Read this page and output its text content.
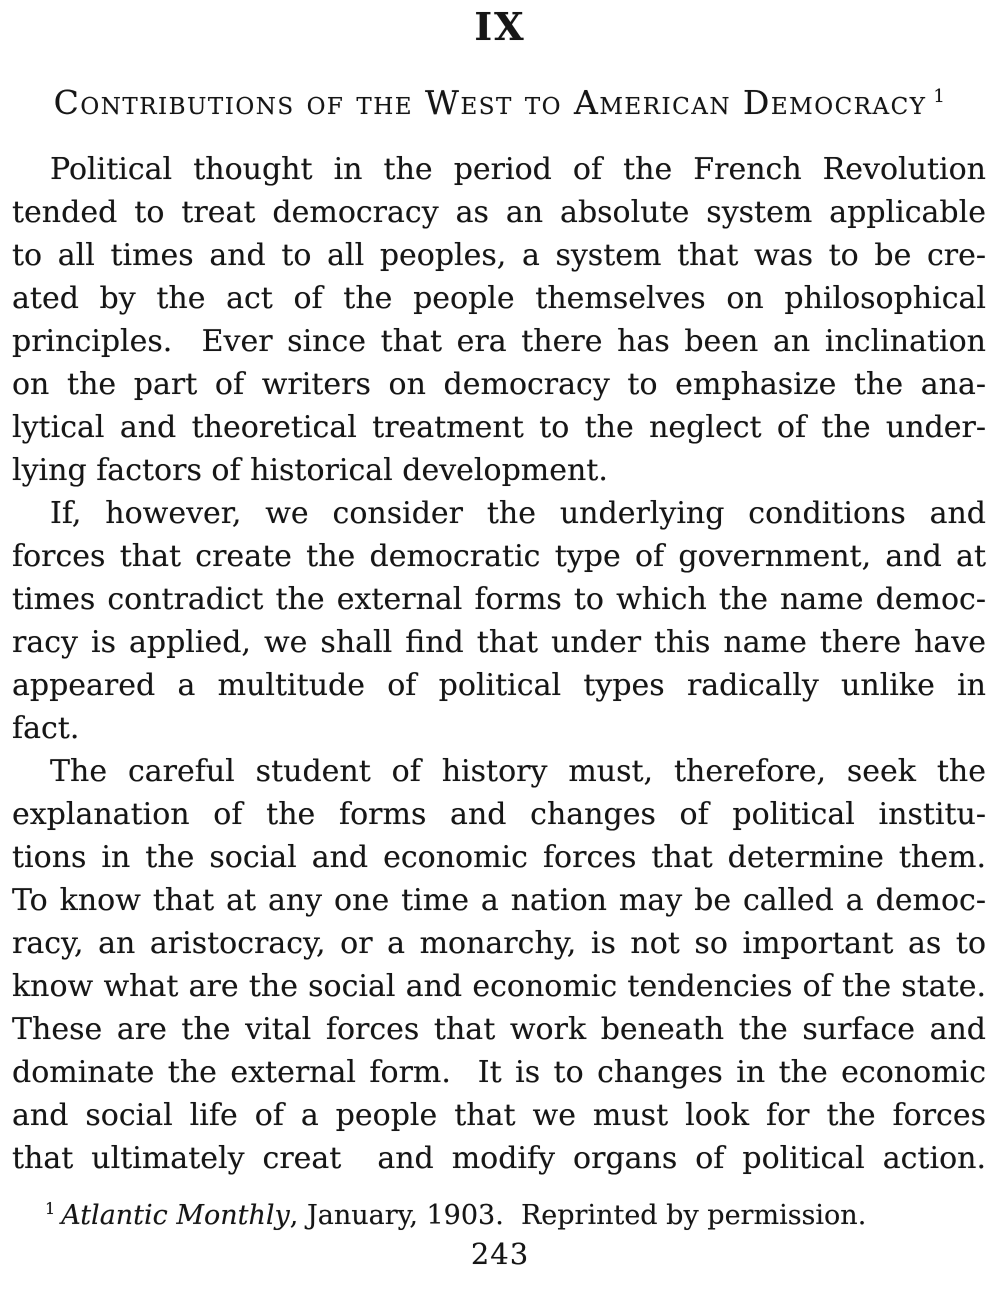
IX
Contributions of the West to American Democracy $^1$
Political thought in the period of the French Revolution
tended to treat democracy as an absolute system applicable
to all times and to all peoples, a system that was to be cre-
ated by the act of the people themselves on philosophical
principles.  Ever since that era there has been an inclination
on the part of writers on democracy to emphasize the ana-
lytical and theoretical treatment to the neglect of the under-
lying factors of historical development.
If, however, we consider the underlying conditions and
forces that create the democratic type of government, and at
times contradict the external forms to which the name democ-
racy is applied, we shall find that under this name there have
appeared a multitude of political types radically unlike in
fact.
The careful student of history must, therefore, seek the
explanation of the forms and changes of political institu-
tions in the social and economic forces that determine them.
To know that at any one time a nation may be called a democ-
racy, an aristocracy, or a monarchy, is not so important as to
know what are the social and economic tendencies of the state.
These are the vital forces that work beneath the surface and
dominate the external form.  It is to changes in the economic
and social life of a people that we must look for the forces
that ultimately creat  and modify organs of political action.
$^1$ Atlantic Monthly, January, 1903.  Reprinted by permission.
243
